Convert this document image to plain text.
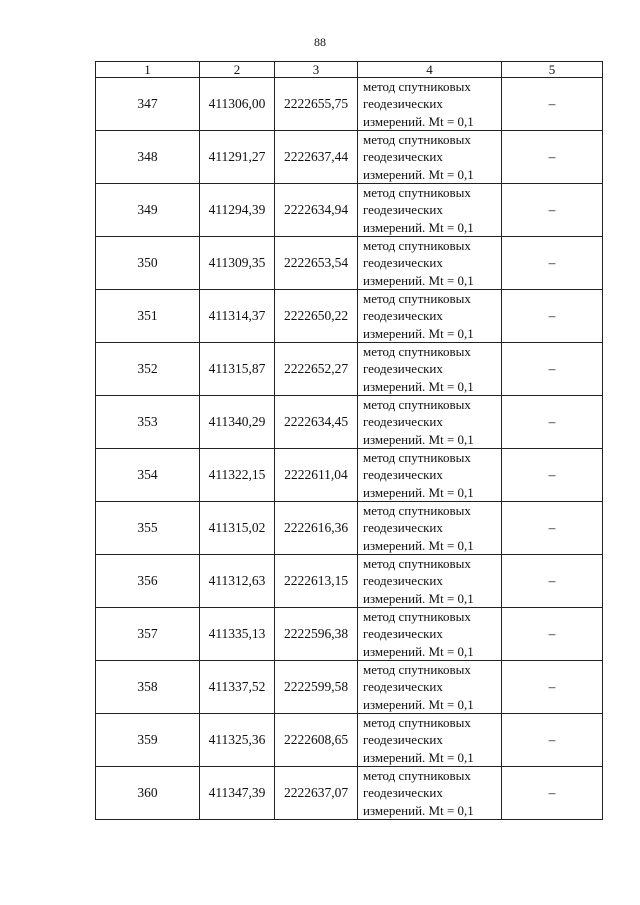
88
1	2	3	4	5
347	411306,00	2222655,75	метод спутниковых
геодезических
измерений. Mt = 0,1	–
348	411291,27	2222637,44	метод спутниковых
геодезических
измерений. Mt = 0,1	–
349	411294,39	2222634,94	метод спутниковых
геодезических
измерений. Mt = 0,1	–
350	411309,35	2222653,54	метод спутниковых
геодезических
измерений. Mt = 0,1	–
351	411314,37	2222650,22	метод спутниковых
геодезических
измерений. Mt = 0,1	–
352	411315,87	2222652,27	метод спутниковых
геодезических
измерений. Mt = 0,1	–
353	411340,29	2222634,45	метод спутниковых
геодезических
измерений. Mt = 0,1	–
354	411322,15	2222611,04	метод спутниковых
геодезических
измерений. Mt = 0,1	–
355	411315,02	2222616,36	метод спутниковых
геодезических
измерений. Mt = 0,1	–
356	411312,63	2222613,15	метод спутниковых
геодезических
измерений. Mt = 0,1	–
357	411335,13	2222596,38	метод спутниковых
геодезических
измерений. Mt = 0,1	–
358	411337,52	2222599,58	метод спутниковых
геодезических
измерений. Mt = 0,1	–
359	411325,36	2222608,65	метод спутниковых
геодезических
измерений. Mt = 0,1	–
360	411347,39	2222637,07	метод спутниковых
геодезических
измерений. Mt = 0,1	–
